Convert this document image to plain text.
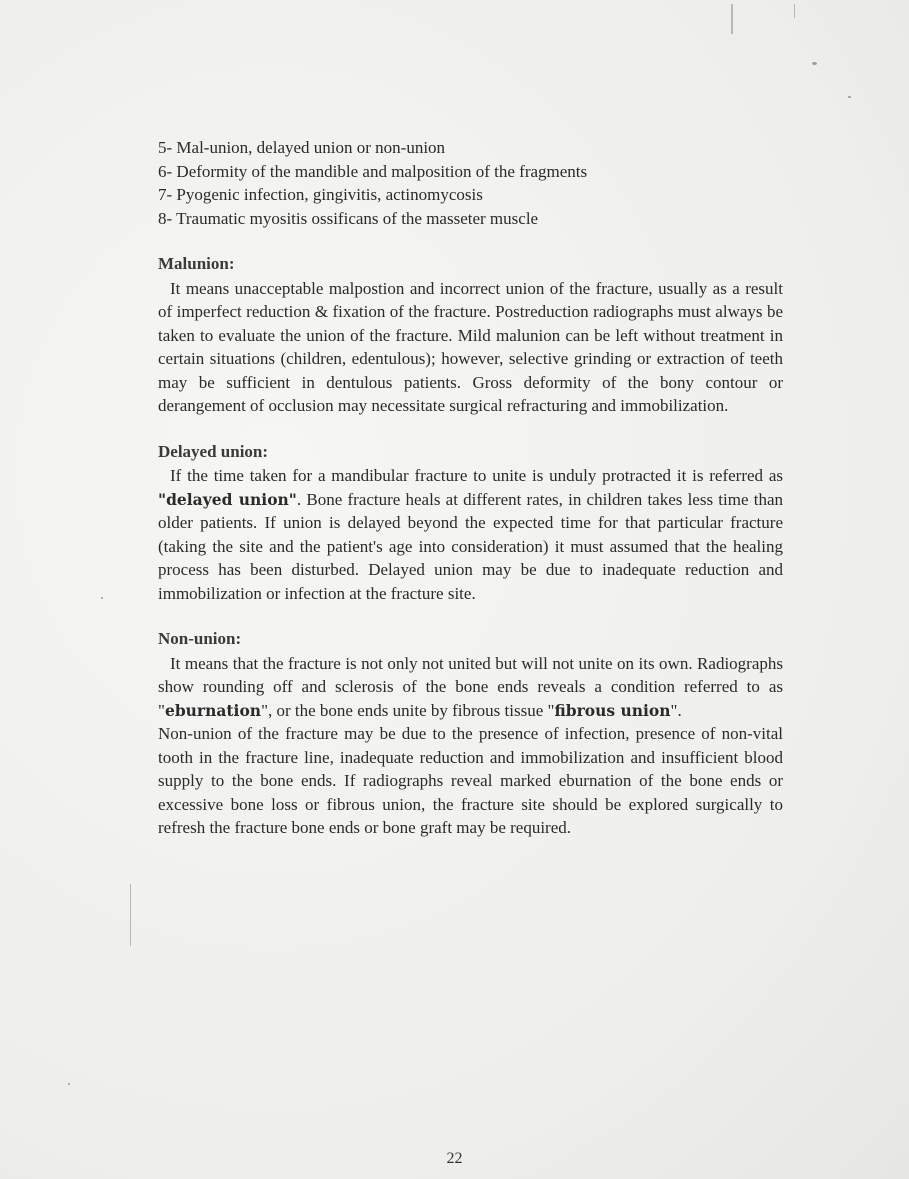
5- Mal-union, delayed union or non-union

6- Deformity of the mandible and malposition of the fragments

7- Pyogenic infection, gingivitis, actinomycosis

8- Traumatic myositis ossificans of the masseter muscle

Malunion:

It means unacceptable malpostion and incorrect union of the fracture, usually as a result of imperfect reduction & fixation of the fracture. Postreduction radiographs must always be taken to evaluate the union of the fracture. Mild malunion can be left without treatment in certain situations (children, edentulous); however, selective grinding or extraction of teeth may be sufficient in dentulous patients. Gross deformity of the bony contour or derangement of occlusion may necessitate surgical refracturing and immobilization.

Delayed union:

If the time taken for a mandibular fracture to unite is unduly protracted it is referred as "delayed union". Bone fracture heals at different rates, in children takes less time than older patients. If union is delayed beyond the expected time for that particular fracture (taking the site and the patient's age into consideration) it must assumed that the healing process has been disturbed. Delayed union may be due to inadequate reduction and immobilization or infection at the fracture site.

Non-union:

It means that the fracture is not only not united but will not unite on its own. Radiographs show rounding off and sclerosis of the bone ends reveals a condition referred to as "eburnation", or the bone ends unite by fibrous tissue "fibrous union".

Non-union of the fracture may be due to the presence of infection, presence of non-vital tooth in the fracture line, inadequate reduction and immobilization and insufficient blood supply to the bone ends. If radiographs reveal marked eburnation of the bone ends or excessive bone loss or fibrous union, the fracture site should be explored surgically to refresh the fracture bone ends or bone graft may be required.

22
